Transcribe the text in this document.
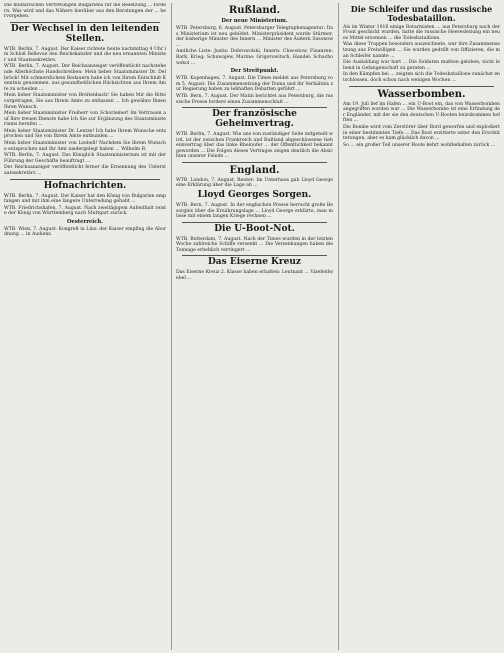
Die militärischen Vertretungen Bulgariens für die Besetzung ... fordern. Was wird und das Nähere hierüber aus den Beratungen der ... hervorgehen.

Der Wechsel in den leitenden Stellen.

WTB. Berlin, 7. August. Der Kaiser richtete heute nachmittag 4 Uhr im Schloß Bellevue den Reichskanzler und die neu ernannten Minister und Staatssekretäre.

WTB. Berlin, 7. August. Der Reichsanzeiger veröffentlicht nachstehende Allerhöchste Handschreiben: Mein lieber Staatsminister Dr. Delbrück! Mit schmerzlichem Bedauern habe ich von Ihrem Entschluß Kenntnis genommen, aus gesundheitlichen Rücksichten aus Ihrem Amte zu scheiden ...

Mein lieber Staatsminister von Breitenbach! Sie haben Mir die Bitte vorgetragen, Sie aus Ihrem Amte zu entlassen ... Ich gewähre Ihnen Ihren Wunsch.

Mein lieber Staatsminister Freiherr von Schorlemer! Im Vertrauen auf Ihre treuen Dienste habe Ich Sie zur Ergänzung des Staatsministeriums berufen ...

Mein lieber Staatsminister Dr. Lentze! Ich habe Ihrem Wunsche entsprochen und Sie von Ihrem Amte entbunden ...

Mein lieber Staatsminister von Loebell! Nachdem Sie Ihrem Wunsche entsprochen und Ihr Amt niedergelegt haben ... Wilhelm R.

WTB. Berlin, 7. August. Das Königlich Staatsministerium ist mit der Führung der Geschäfte beauftragt ...

Der Reichsanzeiger veröffentlicht ferner die Ernennung des Unterstaatssekretärs ...

Hofnachrichten.

WTB. Berlin, 7. August. Der Kaiser hat den König von Bulgarien empfangen und mit ihm eine längere Unterredung gehabt ...

WTB. Friedrichshafen, 7. August. Nach zweitägigem Aufenthalt reiste der König von Württemberg nach Stuttgart zurück.

Oesterreich.

WTB. Wien, 7. August. Kongreß in Linz: der Kaiser empfing die Abordnung ... in Audienz.

Rußland.
Der neue Ministerium.

WTB. Petersburg, 6. August. Petersburger Telegraphenagentur: Das Ministerium ist neu gebildet. Ministerpräsident wurde Stürmer, der bisherige Minister des Innern ... Minister des Äußern Sasonow ...

Amtliche Liste: Justiz: Dobrowolski, Innern: Chwostow, Finanzen: Bark, Krieg: Schuwajew, Marine: Grigorowitsch, Handel: Schachowskoi ...

Der Streitpunkt.

WTB. Kopenhagen, 7. August. Die Times meldet aus Petersburg vom 5. August: Die Zusammensetzung der Duma und ihr Verhältnis zur Regierung haben zu lebhaften Debatten geführt ...

WTB. Bern, 7. August. Der Matin berichtet aus Petersburg, die russische Presse fordere einen Zusammenschluß ...

Der französische Geheimvertrag.

WTB. Berlin, 7. August. Wie uns von zuständiger Seite mitgeteilt wird, ist der zwischen Frankreich und Rußland abgeschlossene Geheimvertrag über das linke Rheinufer ... der Öffentlichkeit bekannt geworden ... Die Folgen dieses Vertrages zeigen deutlich die Absichten unserer Feinde ...

England.

WTB. London, 7. August. Reuter: Im Unterhaus gab Lloyd George eine Erklärung über die Lage ab ...

Lloyd Georges Sorgen.

WTB. Bern, 7. August. In der englischen Presse herrscht große Besorgnis über die Ernährungslage ... Lloyd George erklärte, man müsse mit einem langen Kriege rechnen ...

Die U-Boot-Not.

WTB. Rotterdam, 7. August. Nach der Times wurden in der letzten Woche zahlreiche Schiffe versenkt ... Die Versenkungen haben die Tonnage erheblich verringert ...

Das Eiserne Kreuz

Das Eiserne Kreuz 2. Klasse haben erhalten: Leutnant ... Vizefeldwebel ...

Die Schleifer und das russische Todesbataillon.

Als im Winter 1916 einige Rotarmisten ... aus Petersburg nach der Front geschickt wurden, hatte die russische Heeresleitung ein neues Mittel ersonnen ... die Todesbataillone.

Was diese Truppen besonders auszeichnete, war ihre Zusammensetzung aus Freiwilligen ... Sie wurden gedrillt von Offizieren, die man Schleifer nannte ...

Die Ausbildung war hart ... Die Soldaten mußten geloben, nicht lebend in Gefangenschaft zu geraten ...

In den Kämpfen bei ... zeigten sich die Todesbataillone zunächst entschlossen, doch schon nach wenigen Wochen ...

Wasserbomben.

Am 19. Juli lief im Hafen ... ein U-Boot ein, das von Wasserbomben angegriffen worden war ... Die Wasserbombe ist eine Erfindung der Engländer, mit der sie den deutschen U-Booten beizukommen hofften ...

Die Bombe wird vom Zerstörer über Bord geworfen und explodiert in einer bestimmten Tiefe ... Das Boot erzitterte unter den Erschütterungen, aber es kam glücklich davon ...

So ... ein großer Teil unserer Boote kehrt wohlbehalten zurück ...
